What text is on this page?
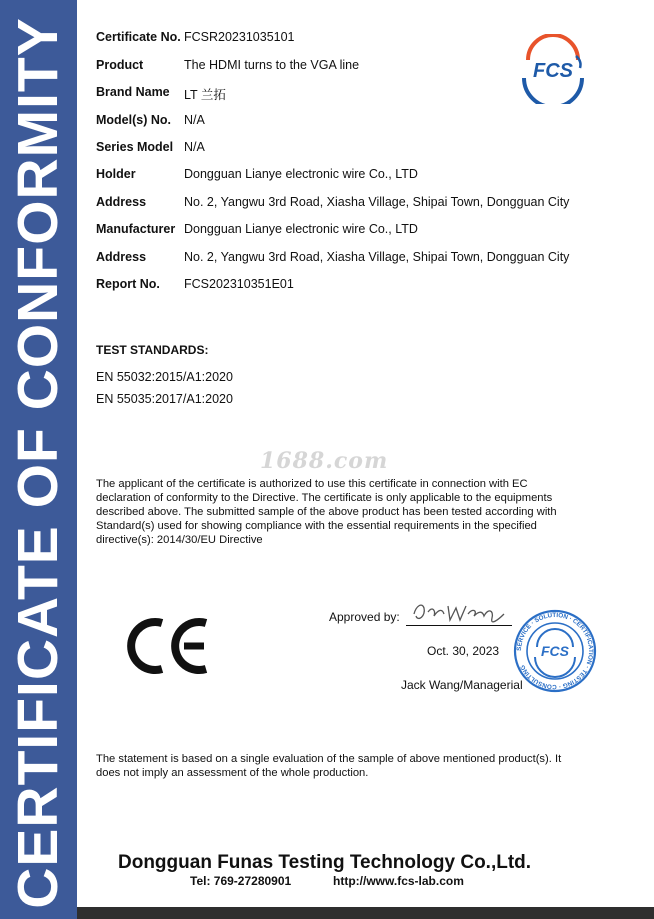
CERTIFICATE OF CONFORMITY Certificate No. FCSR20231035101
Product	The HDMI turns to the VGA line
Brand Name LT 兰拓
Model(s) No. N/A
Series Model N/A
Holder	Dongguan Lianye electronic wire Co., LTD
Address	No. 2, Yangwu 3rd Road, Xiasha Village, Shipai Town, Dongguan City
Manufacturer Dongguan Lianye electronic wire Co., LTD
Address	No. 2, Yangwu 3rd Road, Xiasha Village, Shipai Town, Dongguan City
Report No. FCS202310351E01
FCS
TEST STANDARDS:
EN 55032:2015/A1:2020
EN 55035:2017/A1:2020
1688.com
The applicant of the certificate is authorized to use this certificate in connection with EC
declaration of conformity to the Directive. The certificate is only applicable to the equipments
described above. The submitted sample of the above product has been tested according with
Standard(s) used for showing compliance with the essential requirements in the specified
directive(s): 2014/30/EU Directive
Approved by:
Oct. 30, 2023
Jack Wang/Managerial
SERVICE · SOLUTION · CERTIFICATION · TESTING · CONSULTING
FCS
The statement is based on a single evaluation of the sample of above mentioned product(s). It
does not imply an assessment of the whole production.
Dongguan Funas Testing Technology Co.,Ltd.
Tel: 769-27280901	http://www.fcs-lab.com
